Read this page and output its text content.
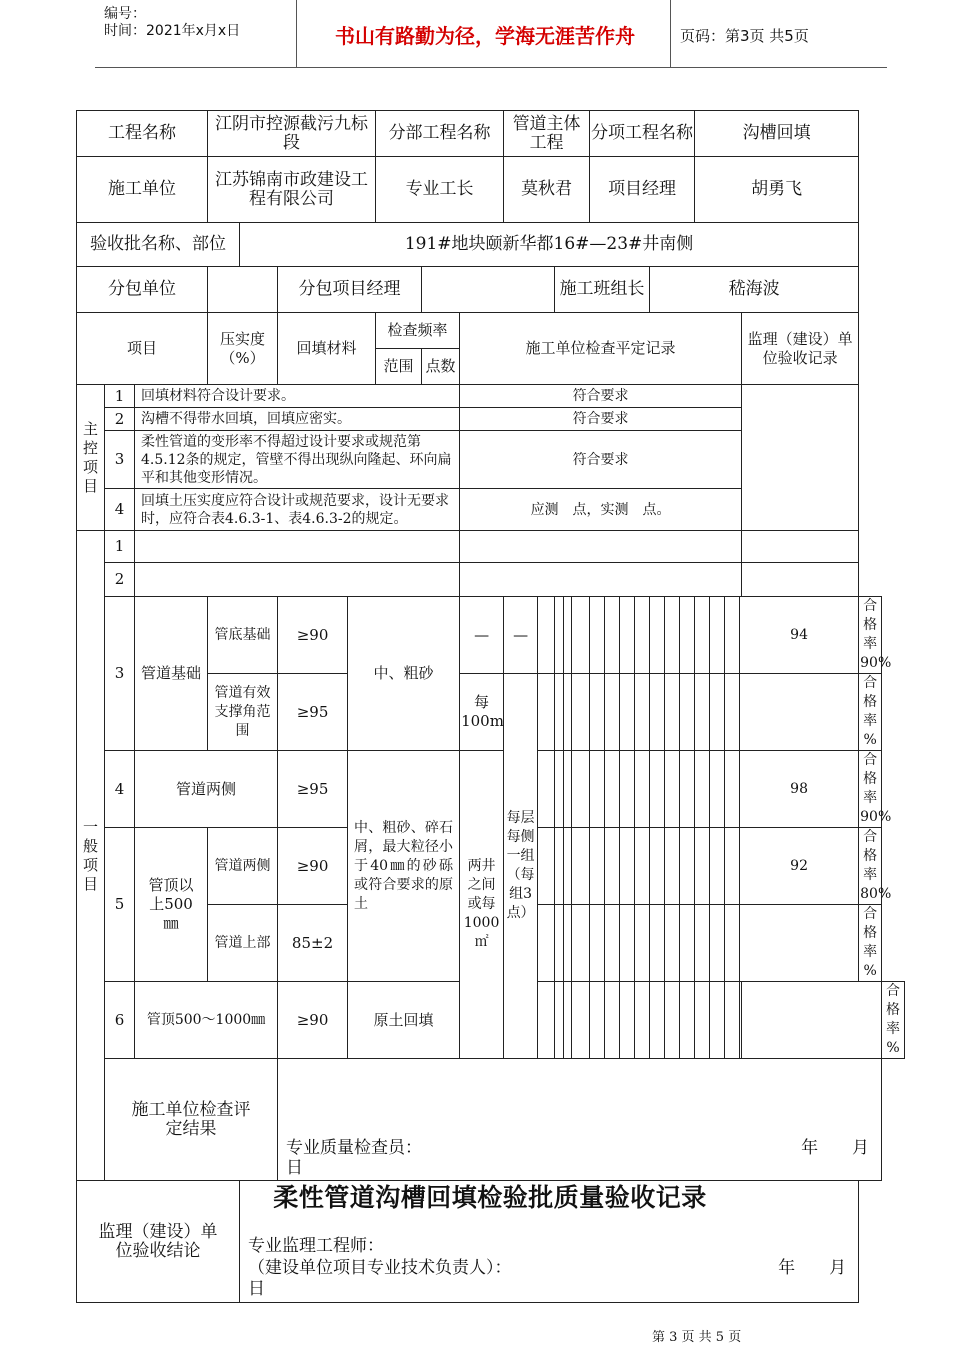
编号：
时间：2021年x月x日	书山有路勤为径，学海无涯苦作舟	页码：第3页 共5页
工程名称			江阴市控源截污九标段				分部工程名称			管道主体工程					分项工程名称							沟槽回填						
施工单位			江苏锦南市政建设工程有限公司				专业工长			莫秋君					项目经理							胡勇飞						
验收批名称、部位				191#地块颐新华都16#—23#井南侧																								
分包单位					分包项目经理							施工班组长							嵇海波									
项目			压实度（%）		回填材料		检查频率		施工单位检查平定记录																	监理（建设）单位验收记录		
							范围	点数																				
主控项目	1	回填材料符合设计要求。							符合要求																			
	2	沟槽不得带水回填，回填应密实。							符合要求																			
	3	柔性管道的变形率不得超过设计要求或规范第4.5.12条的规定，管壁不得出现纵向隆起、环向扁平和其他变形情况。							符合要求																			
	4	回填土压实度应符合设计或规范要求，设计无要求时，应符合表4.6.3-1、表4.6.3-2的规定。							应测　点，实测　点。																			
一般项目	1																											
	2																											
	3	管道基础	管底基础		≥90	中、粗砂			—	—															94		合格率 90%	
			管道有效支撑角范围		≥95				每100m	每层每侧一组（每组3点）																	合格率　　%	
	4	管道两侧			≥95	中、粗砂、碎石屑，最大粒径小于40㎜的砂砾或符合要求的原土			两井之间或每1000㎡																98		合格率 90%	
	5	管顶以上500㎜	管道两侧		≥90																				92		合格率 80%	
			管道上部		85±2																						合格率　　%	
	6	管顶500～1000㎜			≥90	原土回填																						合格率　　%
	施工单位检查评定结果				专业质量检查员： 年　　月
日																							

监理（建设）单位验收结论				专业监理工程师：
（建设单位项目专业技术负责人）： 年　　月
日																								
柔性管道沟槽回填检验批质量验收记录
第 3 页 共 5 页
